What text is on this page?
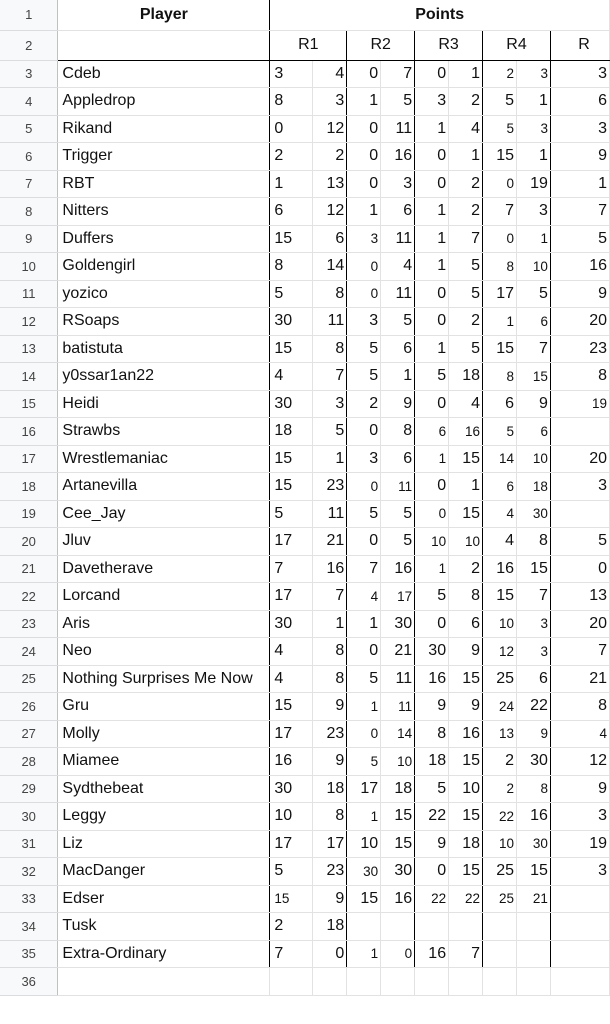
1	Player	Points								
2		R1		R2		R3		R4		R
3	Cdeb	3	4	0	7	0	1	2	3	3
4	Appledrop	8	3	1	5	3	2	5	1	6
5	Rikand	0	12	0	11	1	4	5	3	3
6	Trigger	2	2	0	16	0	1	15	1	9
7	RBT	1	13	0	3	0	2	0	19	1
8	Nitters	6	12	1	6	1	2	7	3	7
9	Duffers	15	6	3	11	1	7	0	1	5
10	Goldengirl	8	14	0	4	1	5	8	10	16
11	yozico	5	8	0	11	0	5	17	5	9
12	RSoaps	30	11	3	5	0	2	1	6	20
13	batistuta	15	8	5	6	1	5	15	7	23
14	y0ssar1an22	4	7	5	1	5	18	8	15	8
15	Heidi	30	3	2	9	0	4	6	9	19
16	Strawbs	18	5	0	8	6	16	5	6	
17	Wrestlemaniac	15	1	3	6	1	15	14	10	20
18	Artanevilla	15	23	0	11	0	1	6	18	3
19	Cee_Jay	5	11	5	5	0	15	4	30	
20	Jluv	17	21	0	5	10	10	4	8	5
21	Davetherave	7	16	7	16	1	2	16	15	0
22	Lorcand	17	7	4	17	5	8	15	7	13
23	Aris	30	1	1	30	0	6	10	3	20
24	Neo	4	8	0	21	30	9	12	3	7
25	Nothing Surprises Me Now	4	8	5	11	16	15	25	6	21
26	Gru	15	9	1	11	9	9	24	22	8
27	Molly	17	23	0	14	8	16	13	9	4
28	Miamee	16	9	5	10	18	15	2	30	12
29	Sydthebeat	30	18	17	18	5	10	2	8	9
30	Leggy	10	8	1	15	22	15	22	16	3
31	Liz	17	17	10	15	9	18	10	30	19
32	MacDanger	5	23	30	30	0	15	25	15	3
33	Edser	15	9	15	16	22	22	25	21	
34	Tusk	2	18							
35	Extra-Ordinary	7	0	1	0	16	7			
36										
